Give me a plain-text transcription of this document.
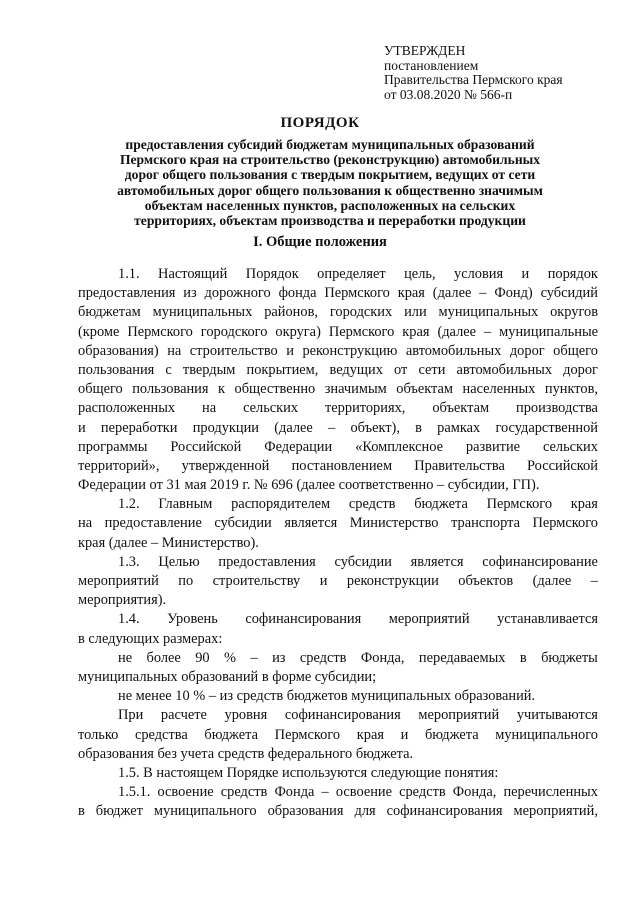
УТВЕРЖДЕН
постановлением
Правительства Пермского края
от 03.08.2020 № 566-п
ПОРЯДОК
предоставления субсидий бюджетам муниципальных образований
Пермского края на строительство (реконструкцию) автомобильных
дорог общего пользования с твердым покрытием, ведущих от сети
автомобильных дорог общего пользования к общественно значимым
объектам населенных пунктов, расположенных на сельских
территориях, объектам производства и переработки продукции
I. Общие положения
1.1. Настоящий Порядок определяет цель, условия и порядок
предоставления из дорожного фонда Пермского края (далее – Фонд) субсидий
бюджетам муниципальных районов, городских или муниципальных округов
(кроме Пермского городского округа) Пермского края (далее – муниципальные
образования) на строительство и реконструкцию автомобильных дорог общего
пользования с твердым покрытием, ведущих от сети автомобильных дорог
общего пользования к общественно значимым объектам населенных пунктов,
расположенных на сельских территориях, объектам производства
и переработки продукции (далее – объект), в рамках государственной
программы Российской Федерации «Комплексное развитие сельских
территорий», утвержденной постановлением Правительства Российской
Федерации от 31 мая 2019 г. № 696 (далее соответственно – субсидии, ГП).
1.2. Главным распорядителем средств бюджета Пермского края
на предоставление субсидии является Министерство транспорта Пермского
края (далее – Министерство).
1.3. Целью предоставления субсидии является софинансирование
мероприятий по строительству и реконструкции объектов (далее –
мероприятия).
1.4. Уровень софинансирования мероприятий устанавливается
в следующих размерах:
не более 90 % – из средств Фонда, передаваемых в бюджеты
муниципальных образований в форме субсидии;
не менее 10 % – из средств бюджетов муниципальных образований.
При расчете уровня софинансирования мероприятий учитываются
только средства бюджета Пермского края и бюджета муниципального
образования без учета средств федерального бюджета.
1.5. В настоящем Порядке используются следующие понятия:
1.5.1. освоение средств Фонда – освоение средств Фонда, перечисленных
в бюджет муниципального образования для софинансирования мероприятий,
